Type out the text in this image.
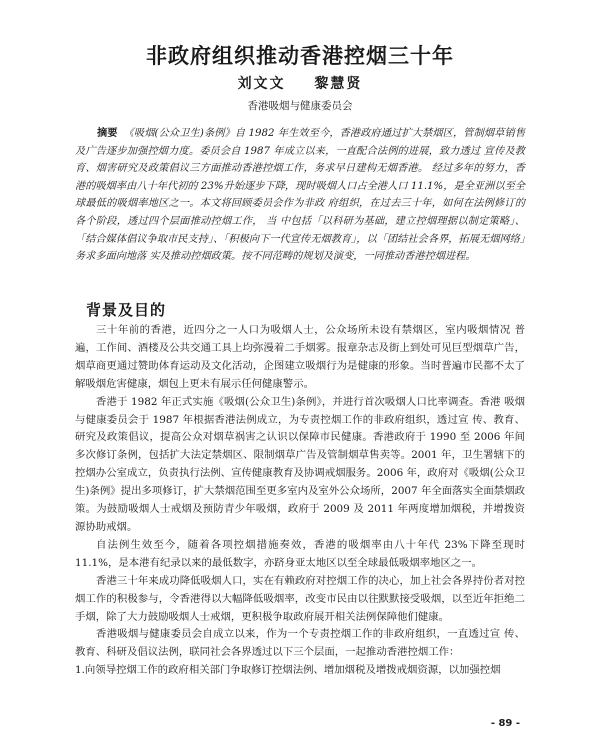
非政府组织推动香港控烟三十年
刘文文 黎慧贤
香港吸烟与健康委员会
摘要 《吸烟(公众卫生)条例》自 1982 年生效至今，香港政府通过扩大禁烟区，管制烟草销售及广告逐步加强控烟力度。委员会自 1987 年成立以来，一直配合法例的进展，致力透过 宣传及教育、烟害研究及政策倡议三方面推动香港控烟工作，务求早日建构无烟香港。 经过多年的努力，香港的吸烟率由八十年代初的 23%升始逐步下降，现时吸烟人口占全港人口 11.1%，是全亚洲以至全球最低的吸烟率地区之一。本文将回顾委员会作为非政 府组织，在过去三十年，如何在法例修订的各个阶段，透过四个层面推动控烟工作， 当 中包括「以科研为基础，建立控烟理据以制定策略」、「结合媒体倡议争取市民支持」、「积极向下一代宣传无烟教育」，以「团结社会各界，拓展无烟网络」务求多面向地落 实及推动控烟政策。按不同范畴的规划及演变，一同推动香港控烟进程。
背景及目的

三十年前的香港，近四分之一人口为吸烟人士，公众场所未设有禁烟区，室内吸烟情况 普遍，工作间、酒楼及公共交通工具上均弥漫着二手烟雾。报章杂志及街上到处可见巨型烟草广告，烟草商更通过赞助体育运动及文化活动，企图建立吸烟行为是健康的形象。当时普遍市民都不太了解吸烟危害健康，烟包上更未有展示任何健康警示。

香港于 1982 年正式实施《吸烟(公众卫生)条例》，并进行首次吸烟人口比率调查。香港 吸烟与健康委员会于 1987 年根据香港法例成立，为专责控烟工作的非政府组织，透过宣 传、教育、研究及政策倡议，提高公众对烟草祸害之认识以保障市民健康。香港政府于 1990 至 2006 年间多次修订条例，包括扩大法定禁烟区、限制烟草广告及管制烟草售卖等。2001 年，卫生署辖下的控烟办公室成立，负责执行法例、宣传健康教育及协调戒烟服务。2006 年，政府对《吸烟(公众卫生)条例》提出多项修订，扩大禁烟范围至更多室内及室外公众场所，2007 年全面落实全面禁烟政策。为鼓励吸烟人士戒烟及预防青少年吸烟，政府于 2009 及 2011 年两度增加烟税，并增拨资源协助戒烟。

自法例生效至今，随着各项控烟措施奏效，香港的吸烟率由八十年代 23%下降至现时 11.1%，是本港有纪录以来的最低数字，亦跻身亚太地区以至全球最低吸烟率地区之一。

香港三十年来成功降低吸烟人口，实在有赖政府对控烟工作的决心，加上社会各界持份者对控烟工作的积极参与，令香港得以大幅降低吸烟率，改变市民由以往默默接受吸烟，以至近年拒绝二手烟，除了大力鼓励吸烟人士戒烟，更积极争取政府展开相关法例保障他们健康。

香港吸烟与健康委员会自成立以来，作为一个专责控烟工作的非政府组织，一直透过宣 传、教育、科研及倡议法例，联同社会各界透过以下三个层面，一起推动香港控烟工作：

1.向领导控烟工作的政府相关部门争取修订控烟法例、增加烟税及增拨戒烟资源，以加强控烟

- 89 -
